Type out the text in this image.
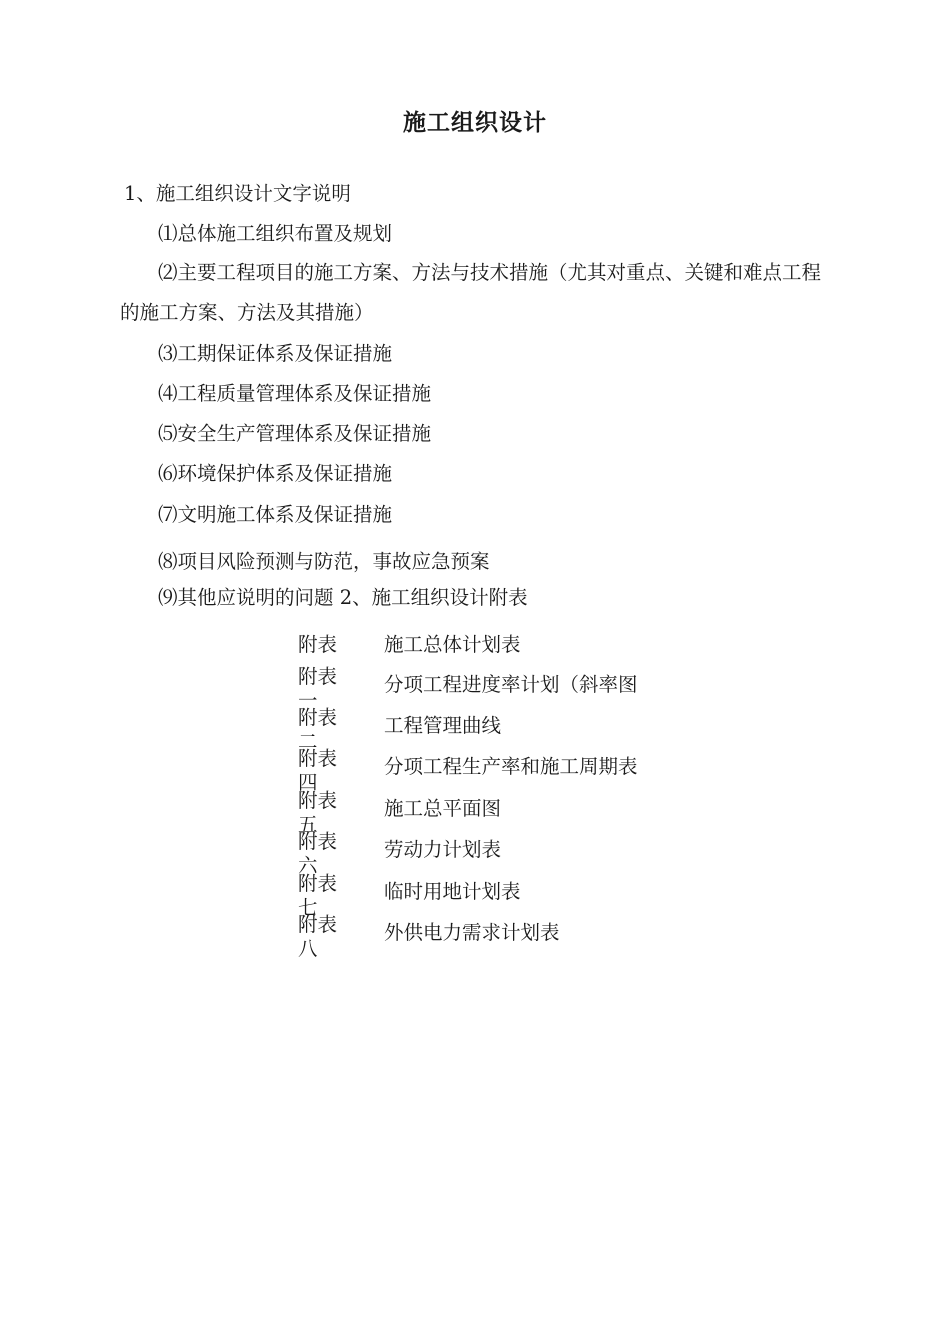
施工组织设计
1、施工组织设计文字说明
⑴总体施工组织布置及规划
⑵主要工程项目的施工方案、方法与技术措施（尤其对重点、关键和难点工程的施工方案、方法及其措施）
⑶工期保证体系及保证措施
⑷工程质量管理体系及保证措施
⑸安全生产管理体系及保证措施
⑹环境保护体系及保证措施
⑺文明施工体系及保证措施
⑻项目风险预测与防范，事故应急预案
⑼其他应说明的问题 2、施工组织设计附表
附表	施工总体计划表
附表一
分项工程进度率计划（斜率图
附表二
工程管理曲线
附表四
分项工程生产率和施工周期表
附表五
施工总平面图
附表六
劳动力计划表
附表七
临时用地计划表
附表八
外供电力需求计划表
